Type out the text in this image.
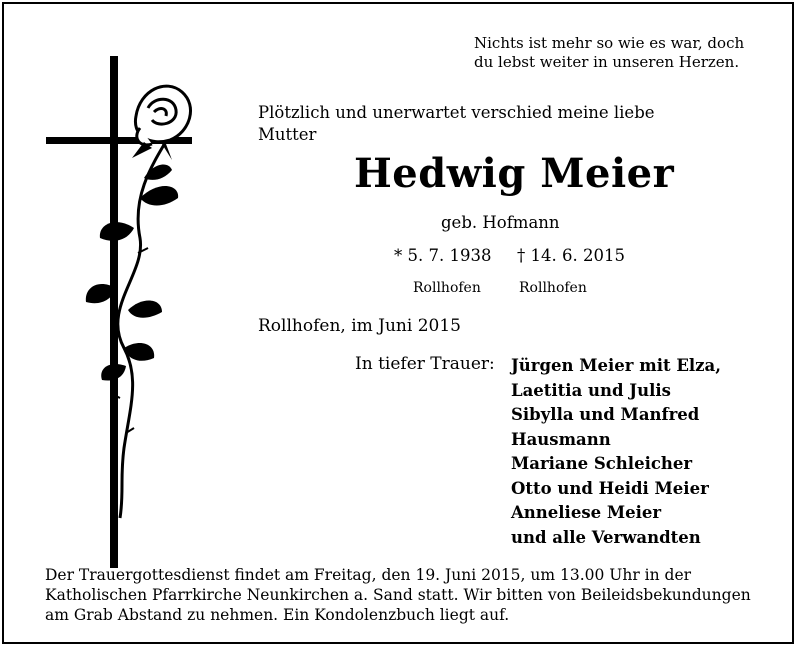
Nichts ist mehr so wie es war, doch
du lebst weiter in unseren Herzen.
Plötzlich und unerwartet verschied meine liebe
Mutter
Hedwig Meier
geb. Hofmann
* 5. 7. 1938 † 14. 6. 2015
Rollhofen	Rollhofen
Rollhofen, im Juni 2015
In tiefer Trauer: Jürgen Meier mit Elza,
Laetitia und Julis
Sibylla und Manfred
Hausmann
Mariane Schleicher
Otto und Heidi Meier
Anneliese Meier
und alle Verwandten
Der Trauergottesdienst findet am Freitag, den 19. Juni 2015, um 13.00 Uhr in der
Katholischen Pfarrkirche Neunkirchen a. Sand statt. Wir bitten von Beileidsbekundungen
am Grab Abstand zu nehmen. Ein Kondolenzbuch liegt auf.
